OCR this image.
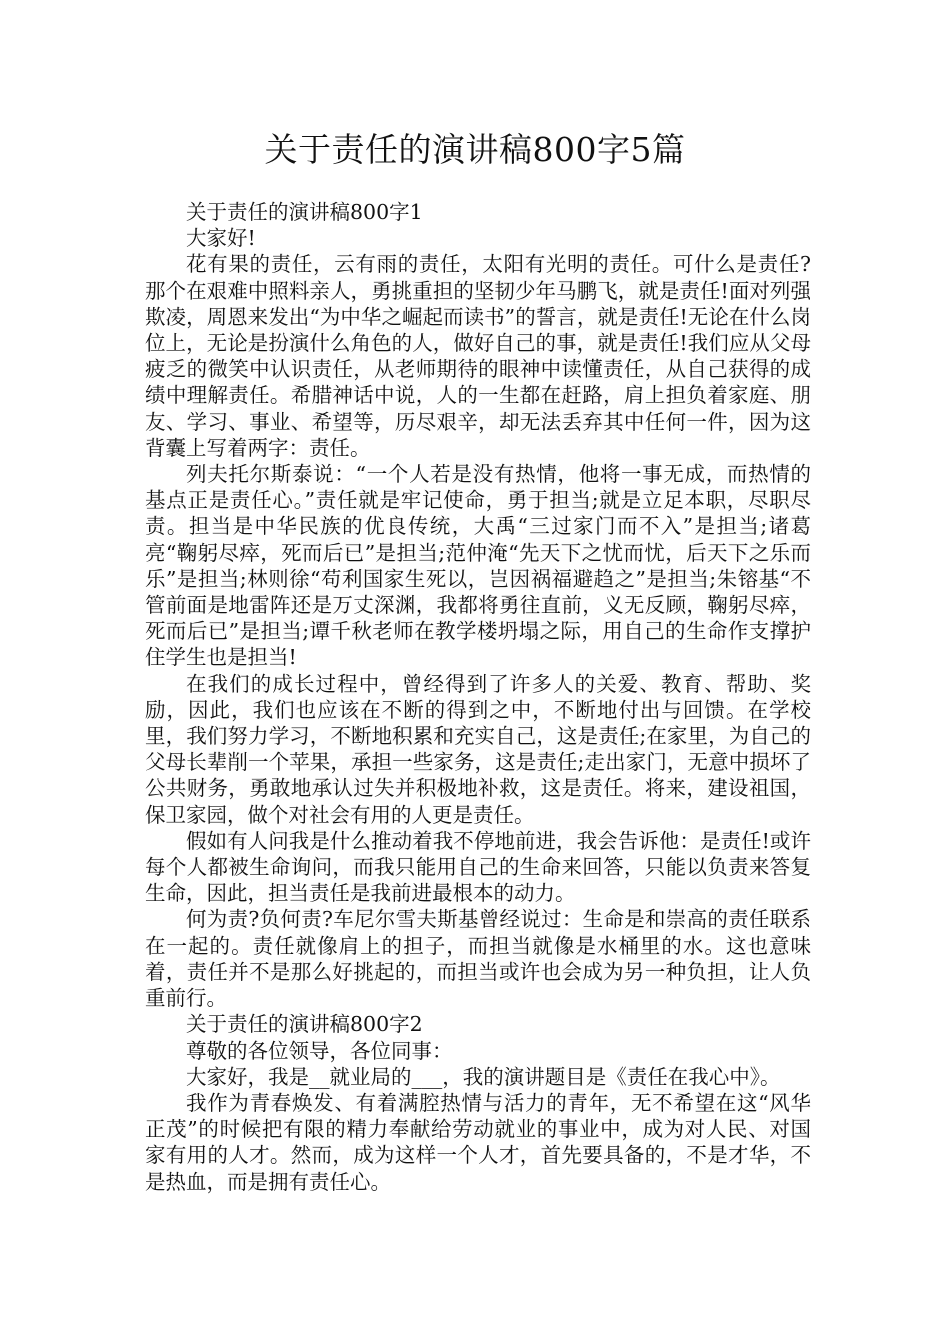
关于责任的演讲稿800字5篇

关于责任的演讲稿800字1

大家好!

花有果的责任，云有雨的责任，太阳有光明的责任。可什么是责任?那个在艰难中照料亲人，勇挑重担的坚韧少年马鹏飞，就是责任!面对列强欺凌，周恩来发出“为中华之崛起而读书”的誓言，就是责任!无论在什么岗位上，无论是扮演什么角色的人，做好自己的事，就是责任!我们应从父母疲乏的微笑中认识责任，从老师期待的眼神中读懂责任，从自己获得的成绩中理解责任。希腊神话中说，人的一生都在赶路，肩上担负着家庭、朋友、学习、事业、希望等，历尽艰辛，却无法丢弃其中任何一件，因为这背囊上写着两字：责任。

列夫托尔斯泰说：“一个人若是没有热情，他将一事无成，而热情的基点正是责任心。”责任就是牢记使命，勇于担当;就是立足本职，尽职尽责。担当是中华民族的优良传统，大禹“三过家门而不入”是担当;诸葛亮“鞠躬尽瘁，死而后已”是担当;范仲淹“先天下之忧而忧，后天下之乐而乐”是担当;林则徐“苟利国家生死以，岂因祸福避趋之”是担当;朱镕基“不管前面是地雷阵还是万丈深渊，我都将勇往直前，义无反顾，鞠躬尽瘁，死而后已”是担当;谭千秋老师在教学楼坍塌之际，用自己的生命作支撑护住学生也是担当!

在我们的成长过程中，曾经得到了许多人的关爱、教育、帮助、奖励，因此，我们也应该在不断的得到之中，不断地付出与回馈。在学校里，我们努力学习，不断地积累和充实自己，这是责任;在家里，为自己的父母长辈削一个苹果，承担一些家务，这是责任;走出家门，无意中损坏了公共财务，勇敢地承认过失并积极地补救，这是责任。将来，建设祖国，保卫家园，做个对社会有用的人更是责任。

假如有人问我是什么推动着我不停地前进，我会告诉他：是责任!或许每个人都被生命询问，而我只能用自己的生命来回答，只能以负责来答复生命，因此，担当责任是我前进最根本的动力。

何为责?负何责?车尼尔雪夫斯基曾经说过：生命是和崇高的责任联系在一起的。责任就像肩上的担子，而担当就像是水桶里的水。这也意味着，责任并不是那么好挑起的，而担当或许也会成为另一种负担，让人负重前行。

关于责任的演讲稿800字2

尊敬的各位领导，各位同事：

大家好，我是__就业局的___，我的演讲题目是《责任在我心中》。

我作为青春焕发、有着满腔热情与活力的青年，无不希望在这“风华正茂”的时候把有限的精力奉献给劳动就业的事业中，成为对人民、对国家有用的人才。然而，成为这样一个人才，首先要具备的，不是才华，不是热血，而是拥有责任心。
